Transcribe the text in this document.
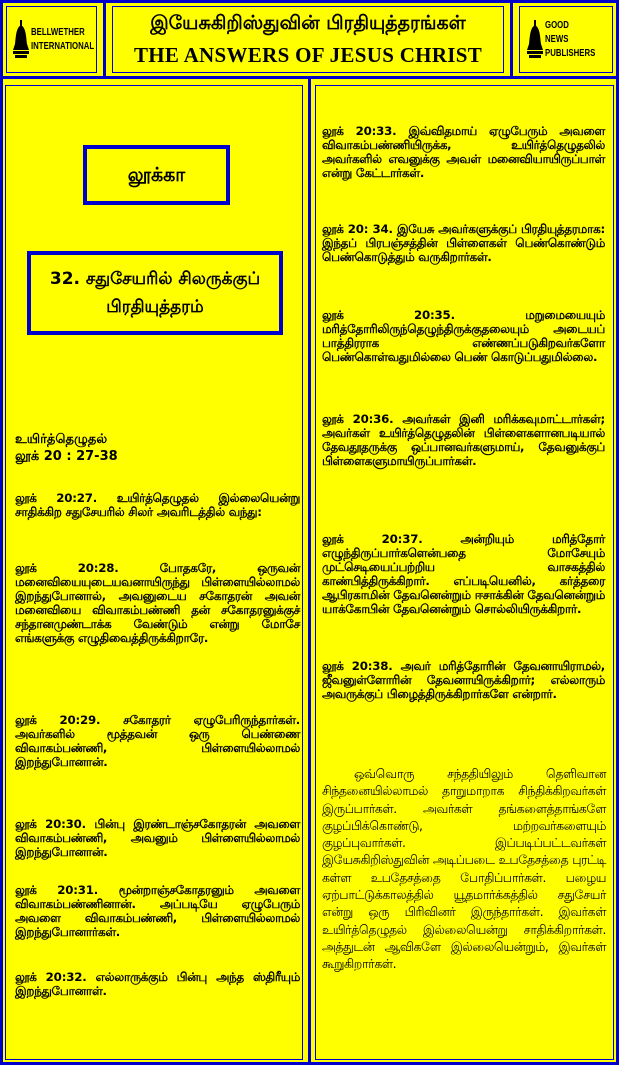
BELLWETHER INTERNATIONAL
இயேசுகிறிஸ்துவின் பிரதியுத்தரங்கள்
THE ANSWERS OF JESUS CHRIST
GOOD NEWS PUBLISHERS
லூக்கா
32. சதுசேயரில் சிலருக்குப் பிரதியுத்தரம்
உயிர்த்தெழுதல்
லூக் 20 : 27-38
லூக் 20:27. உயிர்த்தெழுதல் இல்லையென்று சாதிக்கிற சதுசேயரில் சிலர் அவரிடத்தில் வந்து:
லூக் 20:28. போதகரே, ஒருவன் மனைவியையுடையவனாயிருந்து பிள்ளையில்லாமல் இறந்துபோனால், அவனுடைய சகோதரன் அவன் மனைவியை விவாகம்பண்ணி தன் சகோதரனுக்குச் சந்தானமுண்டாக்க வேண்டும் என்று மோசே எங்களுக்கு எழுதிவைத்திருக்கிறாரே.
லூக் 20:29. சகோதரர் ஏழுபேரிருந்தார்கள். அவர்களில் மூத்தவன் ஒரு பெண்ணை விவாகம்பண்ணி, பிள்ளையில்லாமல் இறந்துபோனான்.
லூக் 20:30. பின்பு இரண்டாஞ்சகோதரன் அவளை விவாகம்பண்ணி, அவனும் பிள்ளையில்லாமல் இறந்துபோனான்.
லூக் 20:31. மூன்றாஞ்சகோதரனும் அவளை விவாகம்பண்ணினான். அப்படியே ஏழுபேரும் அவளை விவாகம்பண்ணி, பிள்ளையில்லாமல் இறந்துபோனார்கள்.
லூக் 20:32. எல்லாருக்கும் பின்பு அந்த ஸ்திரீயும் இறந்துபோனாள்.
லூக் 20:33. இவ்விதமாய் ஏழுபேரும் அவளை விவாகம்பண்ணியிருக்க, உயிர்த்தெழுதலில் அவர்களில் எவனுக்கு அவள் மனைவியாயிருப்பாள் என்று கேட்டார்கள்.
லூக் 20: 34. இயேசு அவர்களுக்குப் பிரதியுத்தரமாக: இந்தப் பிரபஞ்சத்தின் பிள்ளைகள் பெண்கொண்டும் பெண்கொடுத்தும் வருகிறார்கள்.
லூக் 20:35. மறுமையையும் மரித்தோரிலிருந்தெழுந்திருக்குதலையும் அடையப் பாத்திரராக எண்ணப்படுகிறவர்களோ பெண்கொள்வதுமில்லை பெண் கொடுப்பதுமில்லை.
லூக் 20:36. அவர்கள் இனி மரிக்கவுமாட்டார்கள்; அவர்கள் உயிர்த்தெழுதலின் பிள்ளைகளானபடியால் தேவதூதருக்கு ஒப்பானவர்களுமாய், தேவனுக்குப் பிள்ளைகளுமாயிருப்பார்கள்.
லூக் 20:37. அன்றியும் மரித்தோர் எழுந்திருப்பார்களென்பதை மோசேயும் முட்செடியைப்பற்றிய வாசகத்தில் காண்பித்திருக்கிறார். எப்படியெனில், கர்த்தரை ஆபிரகாமின் தேவனென்றும் ஈசாக்கின் தேவனென்றும் யாக்கோபின் தேவனென்றும் சொல்லியிருக்கிறார்.
லூக் 20:38. அவர் மரித்தோரின் தேவனாயிராமல், ஜீவனுள்ளோரின் தேவனாயிருக்கிறார்; எல்லாரும் அவருக்குப் பிழைத்திருக்கிறார்களே என்றார்.
ஒவ்வொரு சந்ததியிலும் தெளிவான சிந்தனையில்லாமல் தாறுமாறாக சிந்திக்கிறவர்கள் இருப்பார்கள். அவர்கள் தங்களைத்தாங்களே குழப்பிக்கொண்டு, மற்றவர்களையும் குழப்புவார்கள். இப்படிப்பட்டவர்கள் இயேசுகிறிஸ்துவின் அடிப்படை உபதேசத்தை புரட்டி கள்ள உபதேசத்தை போதிப்பார்கள். பழைய ஏற்பாட்டுக்காலத்தில் யூதமார்க்கத்தில் சதுசேயர் என்று ஒரு பிரிவினர் இருந்தார்கள். இவர்கள் உயிர்த்தெழுதல் இல்லையென்று சாதிக்கிறார்கள். அத்துடன் ஆவிகளே இல்லையென்றும், இவர்கள் கூறுகிறார்கள்.
